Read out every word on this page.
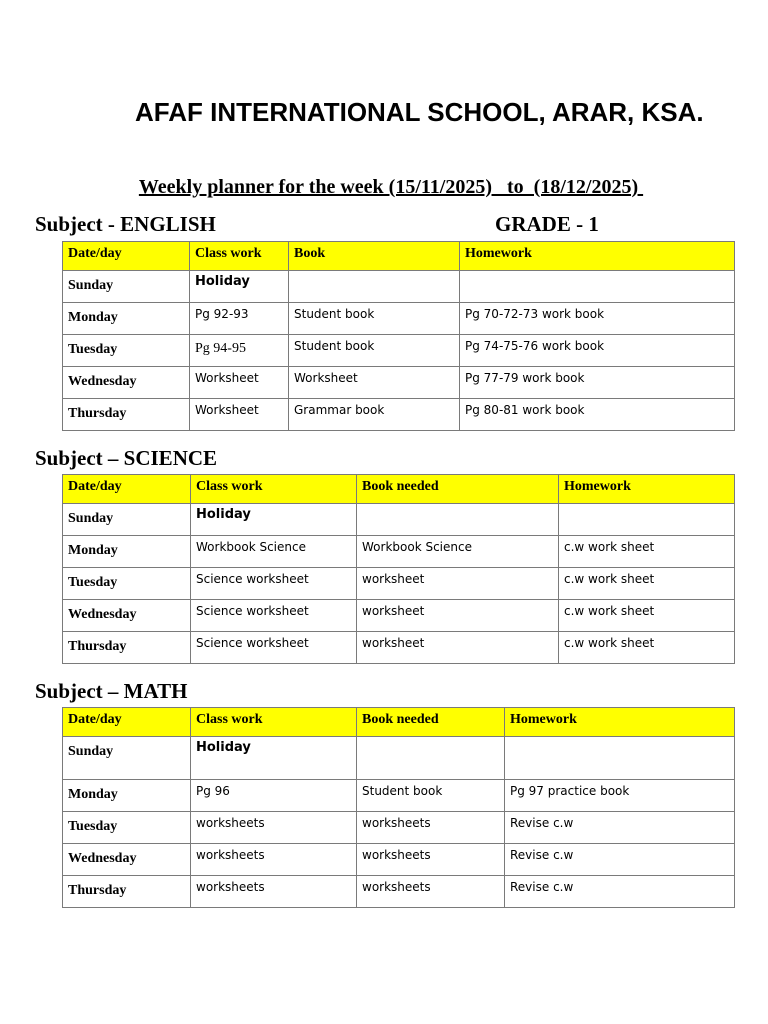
AFAF INTERNATIONAL SCHOOL, ARAR, KSA.
Weekly planner for the week (15/11/2025)   to  (18/12/2025)
Subject - ENGLISH	GRADE - 1
Date/day	Class work	Book	Homework
Sunday	Holiday		
Monday	Pg 92-93	Student book	Pg 70-72-73 work book
Tuesday	Pg 94-95	Student book	Pg 74-75-76 work book
Wednesday	Worksheet	Worksheet	Pg 77-79 work book
Thursday	Worksheet	Grammar book	Pg 80-81 work book
Subject – SCIENCE
Date/day	Class work	Book needed	Homework
Sunday	Holiday		
Monday	Workbook Science	Workbook Science	c.w work sheet
Tuesday	Science worksheet	worksheet	c.w work sheet
Wednesday	Science worksheet	worksheet	c.w work sheet
Thursday	Science worksheet	worksheet	c.w work sheet
Subject – MATH
Date/day	Class work	Book needed	Homework
Sunday	Holiday		
Monday	Pg 96	Student book	Pg 97 practice book
Tuesday	worksheets	worksheets	Revise c.w
Wednesday	worksheets	worksheets	Revise c.w
Thursday	worksheets	worksheets	Revise c.w
